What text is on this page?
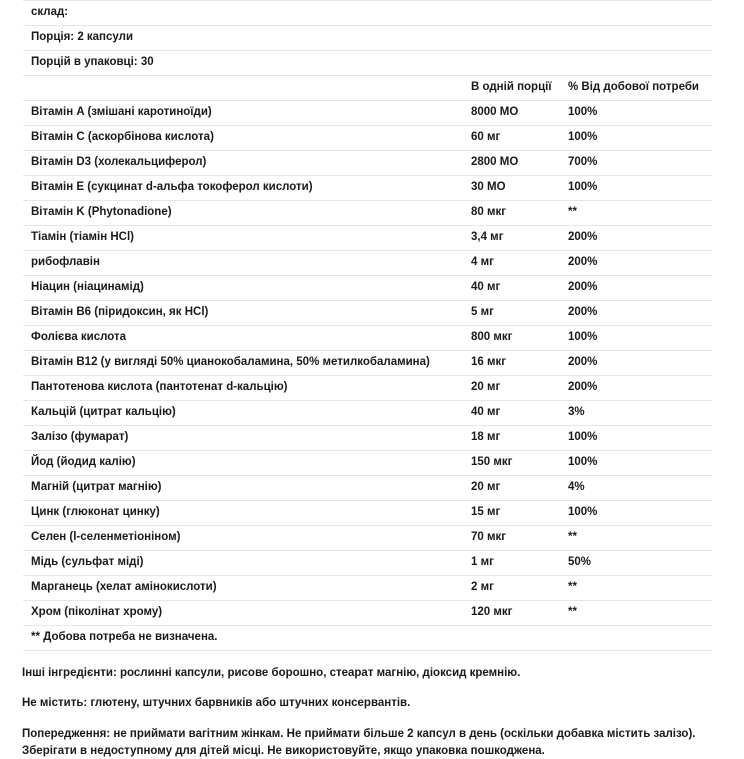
склад:		
Порція: 2 капсули		
Порцій в упаковці: 30		
	В одній порції	% Від добової потреби
Вітамін A (змішані каротиноїди)	8000 МО	100%
Вітамін C (аскорбінова кислота)	60 мг	100%
Вітамін D3 (холекальциферол)	2800 МО	700%
Вітамін E (сукцинат d-альфа токоферол кислоти)	30 МО	100%
Вітамін K (Phytonadione)	80 мкг	**
Тіамін (тіамін HCl)	3,4 мг	200%
рибофлавін	4 мг	200%
Ніацин (ніацинамід)	40 мг	200%
Вітамін B6 (піридоксин, як HCl)	5 мг	200%
Фолієва кислота	800 мкг	100%
Вітамін B12 (у вигляді 50% цианокобаламина, 50% метилкобаламина)	16 мкг	200%
Пантотенова кислота (пантотенат d-кальцію)	20 мг	200%
Кальцій (цитрат кальцію)	40 мг	3%
Залізо (фумарат)	18 мг	100%
Йод (йодид калію)	150 мкг	100%
Магній (цитрат магнію)	20 мг	4%
Цинк (глюконат цинку)	15 мг	100%
Селен (l-селенметіоніном)	70 мкг	**
Мідь (сульфат міді)	1 мг	50%
Марганець (хелат амінокислоти)	2 мг	**
Хром (піколінат хрому)	120 мкг	**
** Добова потреба не визначена.		

Інші інгредієнти: рослинні капсули, рисове борошно, стеарат магнію, діоксид кремнію.

Не містить: глютену, штучних барвників або штучних консервантів.

Попередження: не приймати вагітним жінкам. Не приймати більше 2 капсул в день (оскільки добавка містить залізо). Зберігати в недоступному для дітей місці. Не використовуйте, якщо упаковка пошкоджена.
